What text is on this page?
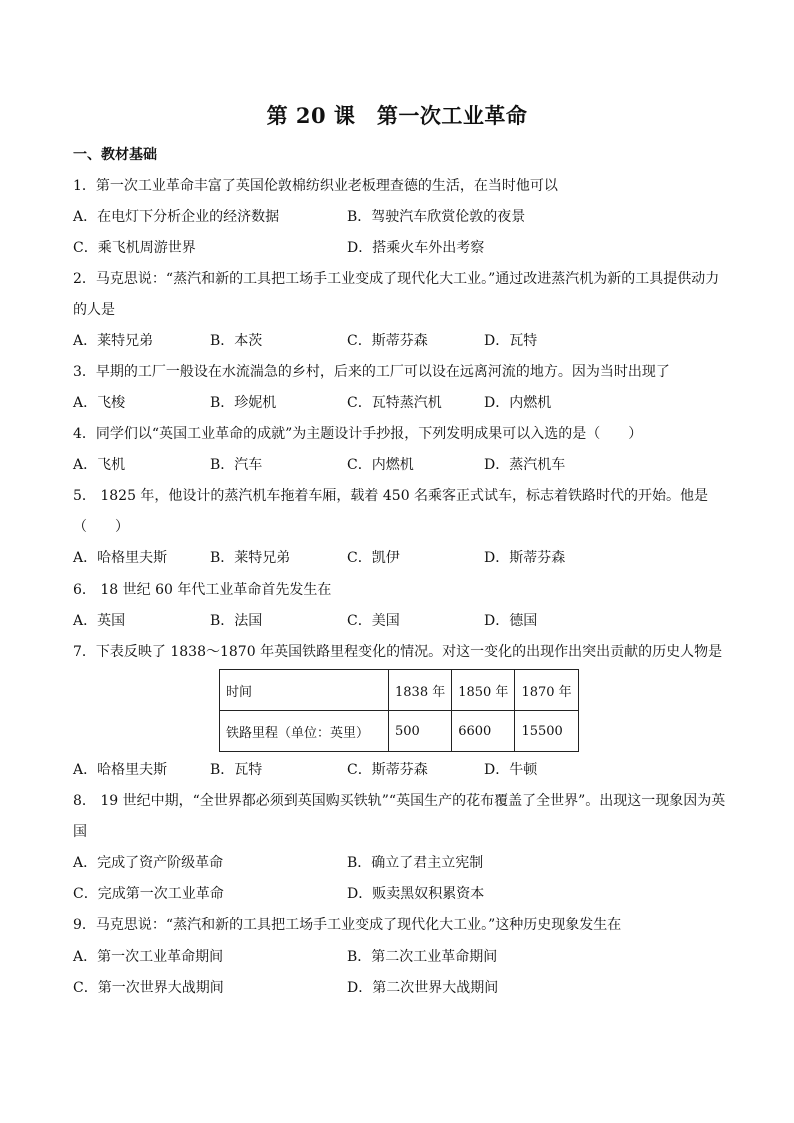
第 20 课　第一次工业革命
一、教材基础
1．第一次工业革命丰富了英国伦敦棉纺织业老板理查德的生活，在当时他可以
A．在电灯下分析企业的经济数据	B．驾驶汽车欣赏伦敦的夜景
C．乘飞机周游世界	D．搭乘火车外出考察
2．马克思说：“蒸汽和新的工具把工场手工业变成了现代化大工业。”通过改进蒸汽机为新的工具提供动力
的人是
A．莱特兄弟	B．本茨	C．斯蒂芬森	D．瓦特
3．早期的工厂一般设在水流湍急的乡村，后来的工厂可以设在远离河流的地方。因为当时出现了
A．飞梭	B．珍妮机	C．瓦特蒸汽机	D．内燃机
4．同学们以“英国工业革命的成就”为主题设计手抄报，下列发明成果可以入选的是（　　）
A．飞机	B．汽车	C．内燃机	D．蒸汽机车
5． 1825 年，他设计的蒸汽机车拖着车厢，载着 450 名乘客正式试车，标志着铁路时代的开始。他是
（　　）
A．哈格里夫斯	B．莱特兄弟	C．凯伊	D．斯蒂芬森
6． 18 世纪 60 年代工业革命首先发生在
A．英国	B．法国	C．美国	D．德国
7．下表反映了 1838～1870 年英国铁路里程变化的情况。对这一变化的出现作出突出贡献的历史人物是
时间	1838 年	1850 年	1870 年
铁路里程（单位：英里）	500	6600	15500
A．哈格里夫斯	B．瓦特	C．斯蒂芬森	D．牛顿
8． 19 世纪中期，“全世界都必须到英国购买铁轨”“英国生产的花布覆盖了全世界”。出现这一现象因为英
国
A．完成了资产阶级革命	B．确立了君主立宪制
C．完成第一次工业革命	D．贩卖黑奴积累资本
9．马克思说：“蒸汽和新的工具把工场手工业变成了现代化大工业。”这种历史现象发生在
A．第一次工业革命期间	B．第二次工业革命期间
C．第一次世界大战期间	D．第二次世界大战期间
